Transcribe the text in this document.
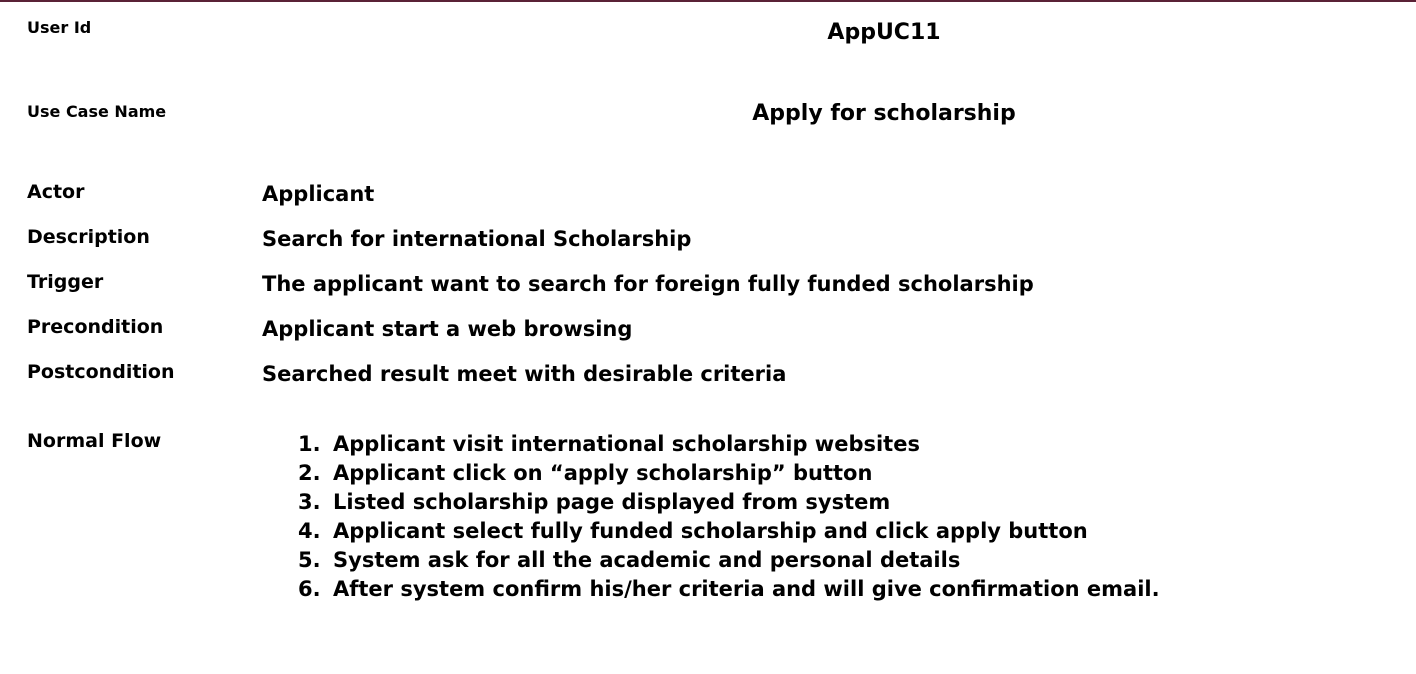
User Id	AppUC11
Use Case Name	Apply for scholarship
Actor	Applicant
Description	Search for international Scholarship
Trigger	The applicant want to search for foreign fully funded scholarship
Precondition	Applicant start a web browsing
Postcondition	Searched result meet with desirable criteria
Normal Flow	1. Applicant visit international scholarship websites
2. Applicant click on “apply scholarship” button
3. Listed scholarship page displayed from system
4. Applicant select fully funded scholarship and click apply button
5. System ask for all the academic and personal details
6. After system confirm his/her criteria and will give confirmation email.
